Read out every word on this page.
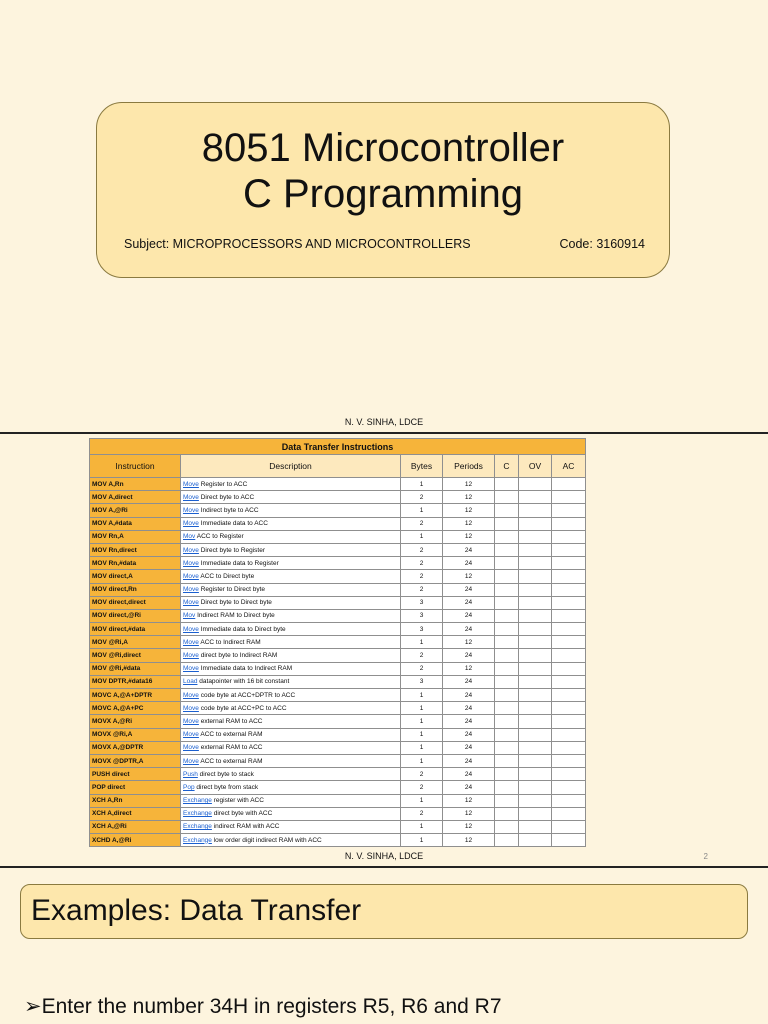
8051 Microcontroller
C Programming
Subject: MICROPROCESSORS AND MICROCONTROLLERS	Code: 3160914
N. V. SINHA, LDCE
Data Transfer Instructions						
Instruction	Description	Bytes	Periods	C	OV	AC
MOV A,Rn	Move Register to ACC	1	12			
MOV A,direct	Move Direct byte to ACC	2	12			
MOV A,@Ri	Move Indirect byte to ACC	1	12			
MOV A,#data	Move Immediate data to ACC	2	12			
MOV Rn,A	Mov ACC to Register	1	12			
MOV Rn,direct	Move Direct byte to Register	2	24			
MOV Rn,#data	Move Immediate data to Register	2	24			
MOV direct,A	Move ACC to Direct byte	2	12			
MOV direct,Rn	Move Register to Direct byte	2	24			
MOV direct,direct	Move Direct byte to Direct byte	3	24			
MOV direct,@Ri	Mov Indirect RAM to Direct byte	3	24			
MOV direct,#data	Move Immediate data to Direct byte	3	24			
MOV @Ri,A	Move ACC to Indirect RAM	1	12			
MOV @Ri,direct	Move direct byte to Indirect RAM	2	24			
MOV @Ri,#data	Move Immediate data to Indirect RAM	2	12			
MOV DPTR,#data16	Load datapointer with 16 bit constant	3	24			
MOVC A,@A+DPTR	Move code byte at ACC+DPTR to ACC	1	24			
MOVC A,@A+PC	Move code byte at ACC+PC to ACC	1	24			
MOVX A,@Ri	Move external RAM to ACC	1	24			
MOVX @Ri,A	Move ACC to external RAM	1	24			
MOVX A,@DPTR	Move external RAM to ACC	1	24			
MOVX @DPTR,A	Move ACC to external RAM	1	24			
PUSH direct	Push direct byte to stack	2	24			
POP direct	Pop direct byte from stack	2	24			
XCH A,Rn	Exchange register with ACC	1	12			
XCH A,direct	Exchange direct byte with ACC	2	12			
XCH A,@Ri	Exchange indirect RAM with ACC	1	12			
XCHD A,@Ri	Exchange low order digit indirect RAM with ACC	1	12			
N. V. SINHA, LDCE	2
Examples: Data Transfer
➢Enter the number 34H in registers R5, R6 and R7
